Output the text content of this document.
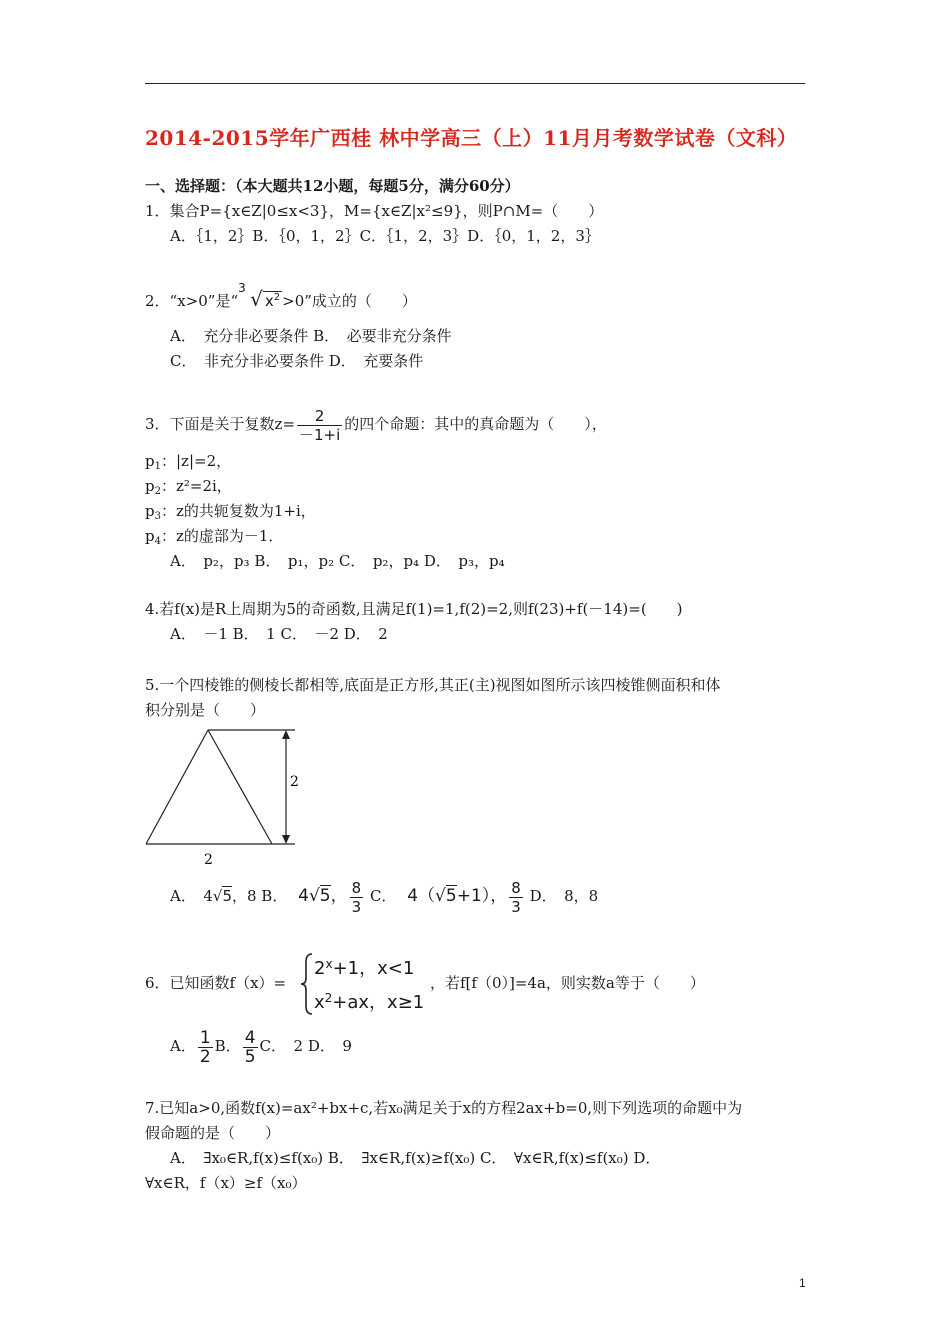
2014-2015学年广西桂 林中学高三（上）11月月考数学试卷（文科）
一、选择题：（本大题共12小题，每题5分，满分60分）
1．集合P={x∈Z|0≤x<3}，M={x∈Z|x²≤9}，则P∩M=（　　）
A．｛1，2｝B．｛0，1，2｝C．｛1，2，3｝D．｛0，1，2，3｝
2．“x>0”是“
3 √ $x^2 >0$”成立的（　　）
A．　充分非必要条件 B．　必要非充分条件
C．　非充分非必要条件 D．　充要条件
3．下面是关于复数$z= \frac{2}{-1+i}$ 的四个命题：其中的真命题为（　　），
$p_1$：|z|=2，
$p_2$：z²=2i，
$p_3$：z的共轭复数为1+i，
$p_4$：z的虚部为－1．
A．　p₂，p₃ B．　p₁，p₂ C．　p₂，p₄ D．　p₃，p₄
4.若f(x)是R上周期为5的奇函数,且满足f(1)=1,f(2)=2,则f(23)+f(－14)=(　　)
A．　－1 B．　1 C．　－2 D．　2
5.一个四棱锥的侧棱长都相等,底面是正方形,其正(主)视图如图所示该四棱锥侧面积和体
积分别是（　　）
2
2
A．　4√5，8 B． 4√5， $\frac{8}{3}$ C． 4（√5+1）， $\frac{8}{3}$ D．　8，8
6．已知函数f（x）=
$2^x+1$，x<1
$x^2+ax$，x≥1
，若f[f（0）]=4a，则实数a等于（　　）
A． $\frac{1}{2}$ B． $\frac{4}{5}$ C．　2 D．　9
7.已知a>0,函数f(x)=ax²+bx+c,若x₀满足关于x的方程2ax+b=0,则下列选项的命题中为
假命题的是（　　）
A．　∃x₀∈R,f(x)≤f(x₀) B．　∃x∈R,f(x)≥f(x₀) C．　∀x∈R,f(x)≤f(x₀) D．
∀x∈R，f（x）≥f（x₀）
1
